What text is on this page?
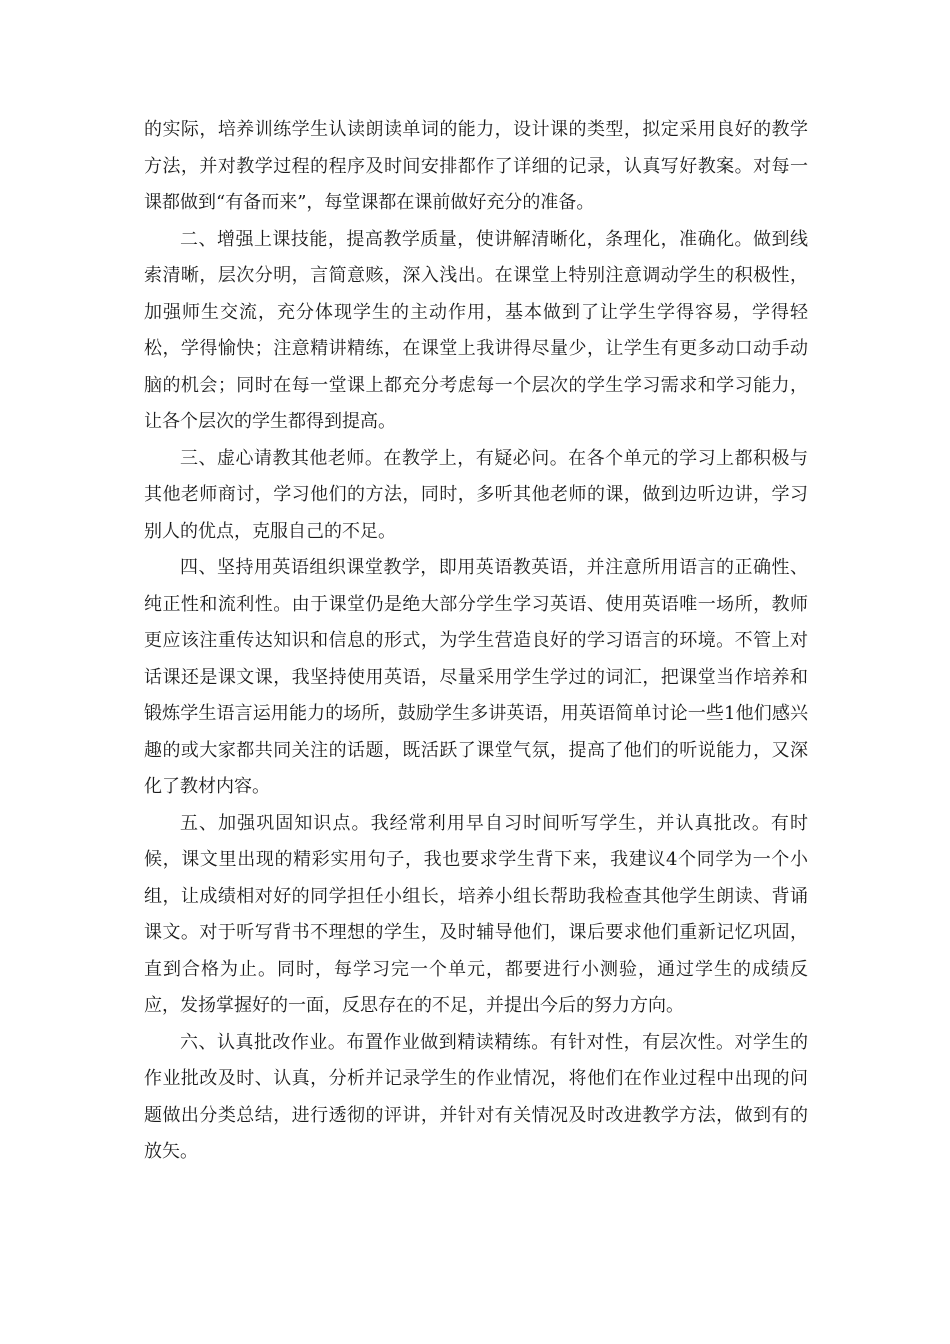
的实际，培养训练学生认读朗读单词的能力，设计课的类型，拟定采用良好的教学方法，并对教学过程的程序及时间安排都作了详细的记录，认真写好教案。对每一课都做到“有备而来”，每堂课都在课前做好充分的准备。

二、增强上课技能，提高教学质量，使讲解清晰化，条理化，准确化。做到线索清晰，层次分明，言简意赅，深入浅出。在课堂上特别注意调动学生的积极性，加强师生交流，充分体现学生的主动作用，基本做到了让学生学得容易，学得轻松，学得愉快；注意精讲精练，在课堂上我讲得尽量少，让学生有更多动口动手动脑的机会；同时在每一堂课上都充分考虑每一个层次的学生学习需求和学习能力，让各个层次的学生都得到提高。

三、虚心请教其他老师。在教学上，有疑必问。在各个单元的学习上都积极与其他老师商讨，学习他们的方法，同时，多听其他老师的课，做到边听边讲，学习别人的优点，克服自己的不足。

四、坚持用英语组织课堂教学，即用英语教英语，并注意所用语言的正确性、纯正性和流利性。由于课堂仍是绝大部分学生学习英语、使用英语唯一场所，教师更应该注重传达知识和信息的形式，为学生营造良好的学习语言的环境。不管上对话课还是课文课，我坚持使用英语，尽量采用学生学过的词汇，把课堂当作培养和锻炼学生语言运用能力的场所，鼓励学生多讲英语，用英语简单讨论一些1他们感兴趣的或大家都共同关注的话题，既活跃了课堂气氛，提高了他们的听说能力，又深化了教材内容。

五、加强巩固知识点。我经常利用早自习时间听写学生，并认真批改。有时候，课文里出现的精彩实用句子，我也要求学生背下来，我建议4个同学为一个小组，让成绩相对好的同学担任小组长，培养小组长帮助我检查其他学生朗读、背诵课文。对于听写背书不理想的学生，及时辅导他们，课后要求他们重新记忆巩固，直到合格为止。同时，每学习完一个单元，都要进行小测验，通过学生的成绩反应，发扬掌握好的一面，反思存在的不足，并提出今后的努力方向。

六、认真批改作业。布置作业做到精读精练。有针对性，有层次性。对学生的作业批改及时、认真，分析并记录学生的作业情况，将他们在作业过程中出现的问题做出分类总结，进行透彻的评讲，并针对有关情况及时改进教学方法，做到有的放矢。
